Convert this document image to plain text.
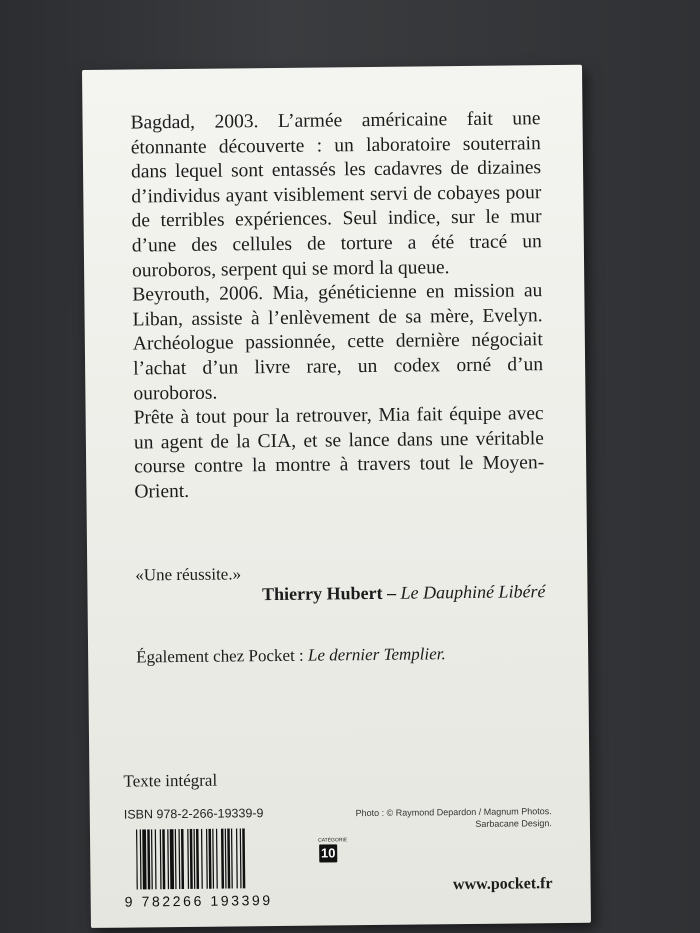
Bagdad, 2003. L’armée américaine fait une étonnante découverte : un laboratoire souterrain dans lequel sont entassés les cadavres de dizaines d’individus ayant visiblement servi de cobayes pour de terribles expériences. Seul indice, sur le mur d’une des cellules de torture a été tracé un ouroboros, serpent qui se mord la queue.

Beyrouth, 2006. Mia, généticienne en mission au Liban, assiste à l’enlèvement de sa mère, Evelyn. Archéologue passionnée, cette dernière négociait l’achat d’un livre rare, un codex orné d’un ouroboros.

Prête à tout pour la retrouver, Mia fait équipe avec un agent de la CIA, et se lance dans une véritable course contre la montre à travers tout le Moyen-Orient.

«Une réussite.»
Thierry Hubert – Le Dauphiné Libéré
Également chez Pocket : Le dernier Templier.
Texte intégral
ISBN 978-2-266-19339-9	Photo : © Raymond Depardon / Magnum Photos.
Sarbacane Design.
9 782266 193399
CATÉGORIE
10
www.pocket.fr
